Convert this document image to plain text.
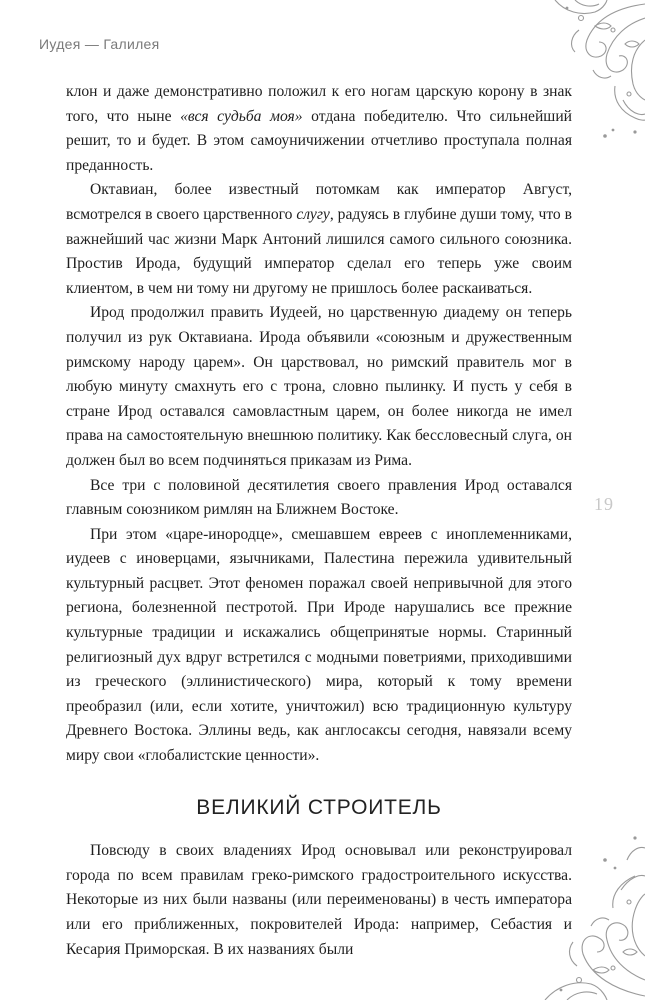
Иудея — Галилея
19

клон и даже демонстративно положил к его ногам царскую корону в знак того, что ныне «вся судьба моя» отдана победителю. Что сильнейший решит, то и будет. В этом самоуничижении отчетливо проступала полная преданность.

Октавиан, более известный потомкам как император Август, всмотрелся в своего царственного слугу, радуясь в глубине души тому, что в важнейший час жизни Марк Антоний лишился самого сильного союзника. Простив Ирода, будущий император сделал его теперь уже своим клиентом, в чем ни тому ни другому не пришлось более раскаиваться.

Ирод продолжил править Иудеей, но царственную диадему он теперь получил из рук Октавиана. Ирода объявили «союзным и дружественным римскому народу царем». Он царствовал, но римский правитель мог в любую минуту смахнуть его с трона, словно пылинку. И пусть у себя в стране Ирод оставался самовластным царем, он более никогда не имел права на самостоятельную внешнюю политику. Как бессловесный слуга, он должен был во всем подчиняться приказам из Рима.

Все три с половиной десятилетия своего правления Ирод оставался главным союзником римлян на Ближнем Востоке.

При этом «царе-инородце», смешавшем евреев с иноплеменниками, иудеев с иноверцами, язычниками, Палестина пережила удивительный культурный расцвет. Этот феномен поражал своей непривычной для этого региона, болезненной пестротой. При Ироде нарушались все прежние культурные традиции и искажались общепринятые нормы. Старинный религиозный дух вдруг встретился с модными поветриями, приходившими из греческого (эллинистического) мира, который к тому времени преобразил (или, если хотите, уничтожил) всю традиционную культуру Древнего Востока. Эллины ведь, как англосаксы сегодня, навязали всему миру свои «глобалистские ценности».

ВЕЛИКИЙ СТРОИТЕЛЬ

Повсюду в своих владениях Ирод основывал или реконструировал города по всем правилам греко-римского градостроительного искусства. Некоторые из них были названы (или переименованы) в честь императора или его приближенных, покровителей Ирода: например, Себастия и Кесария Приморская. В их названиях были
